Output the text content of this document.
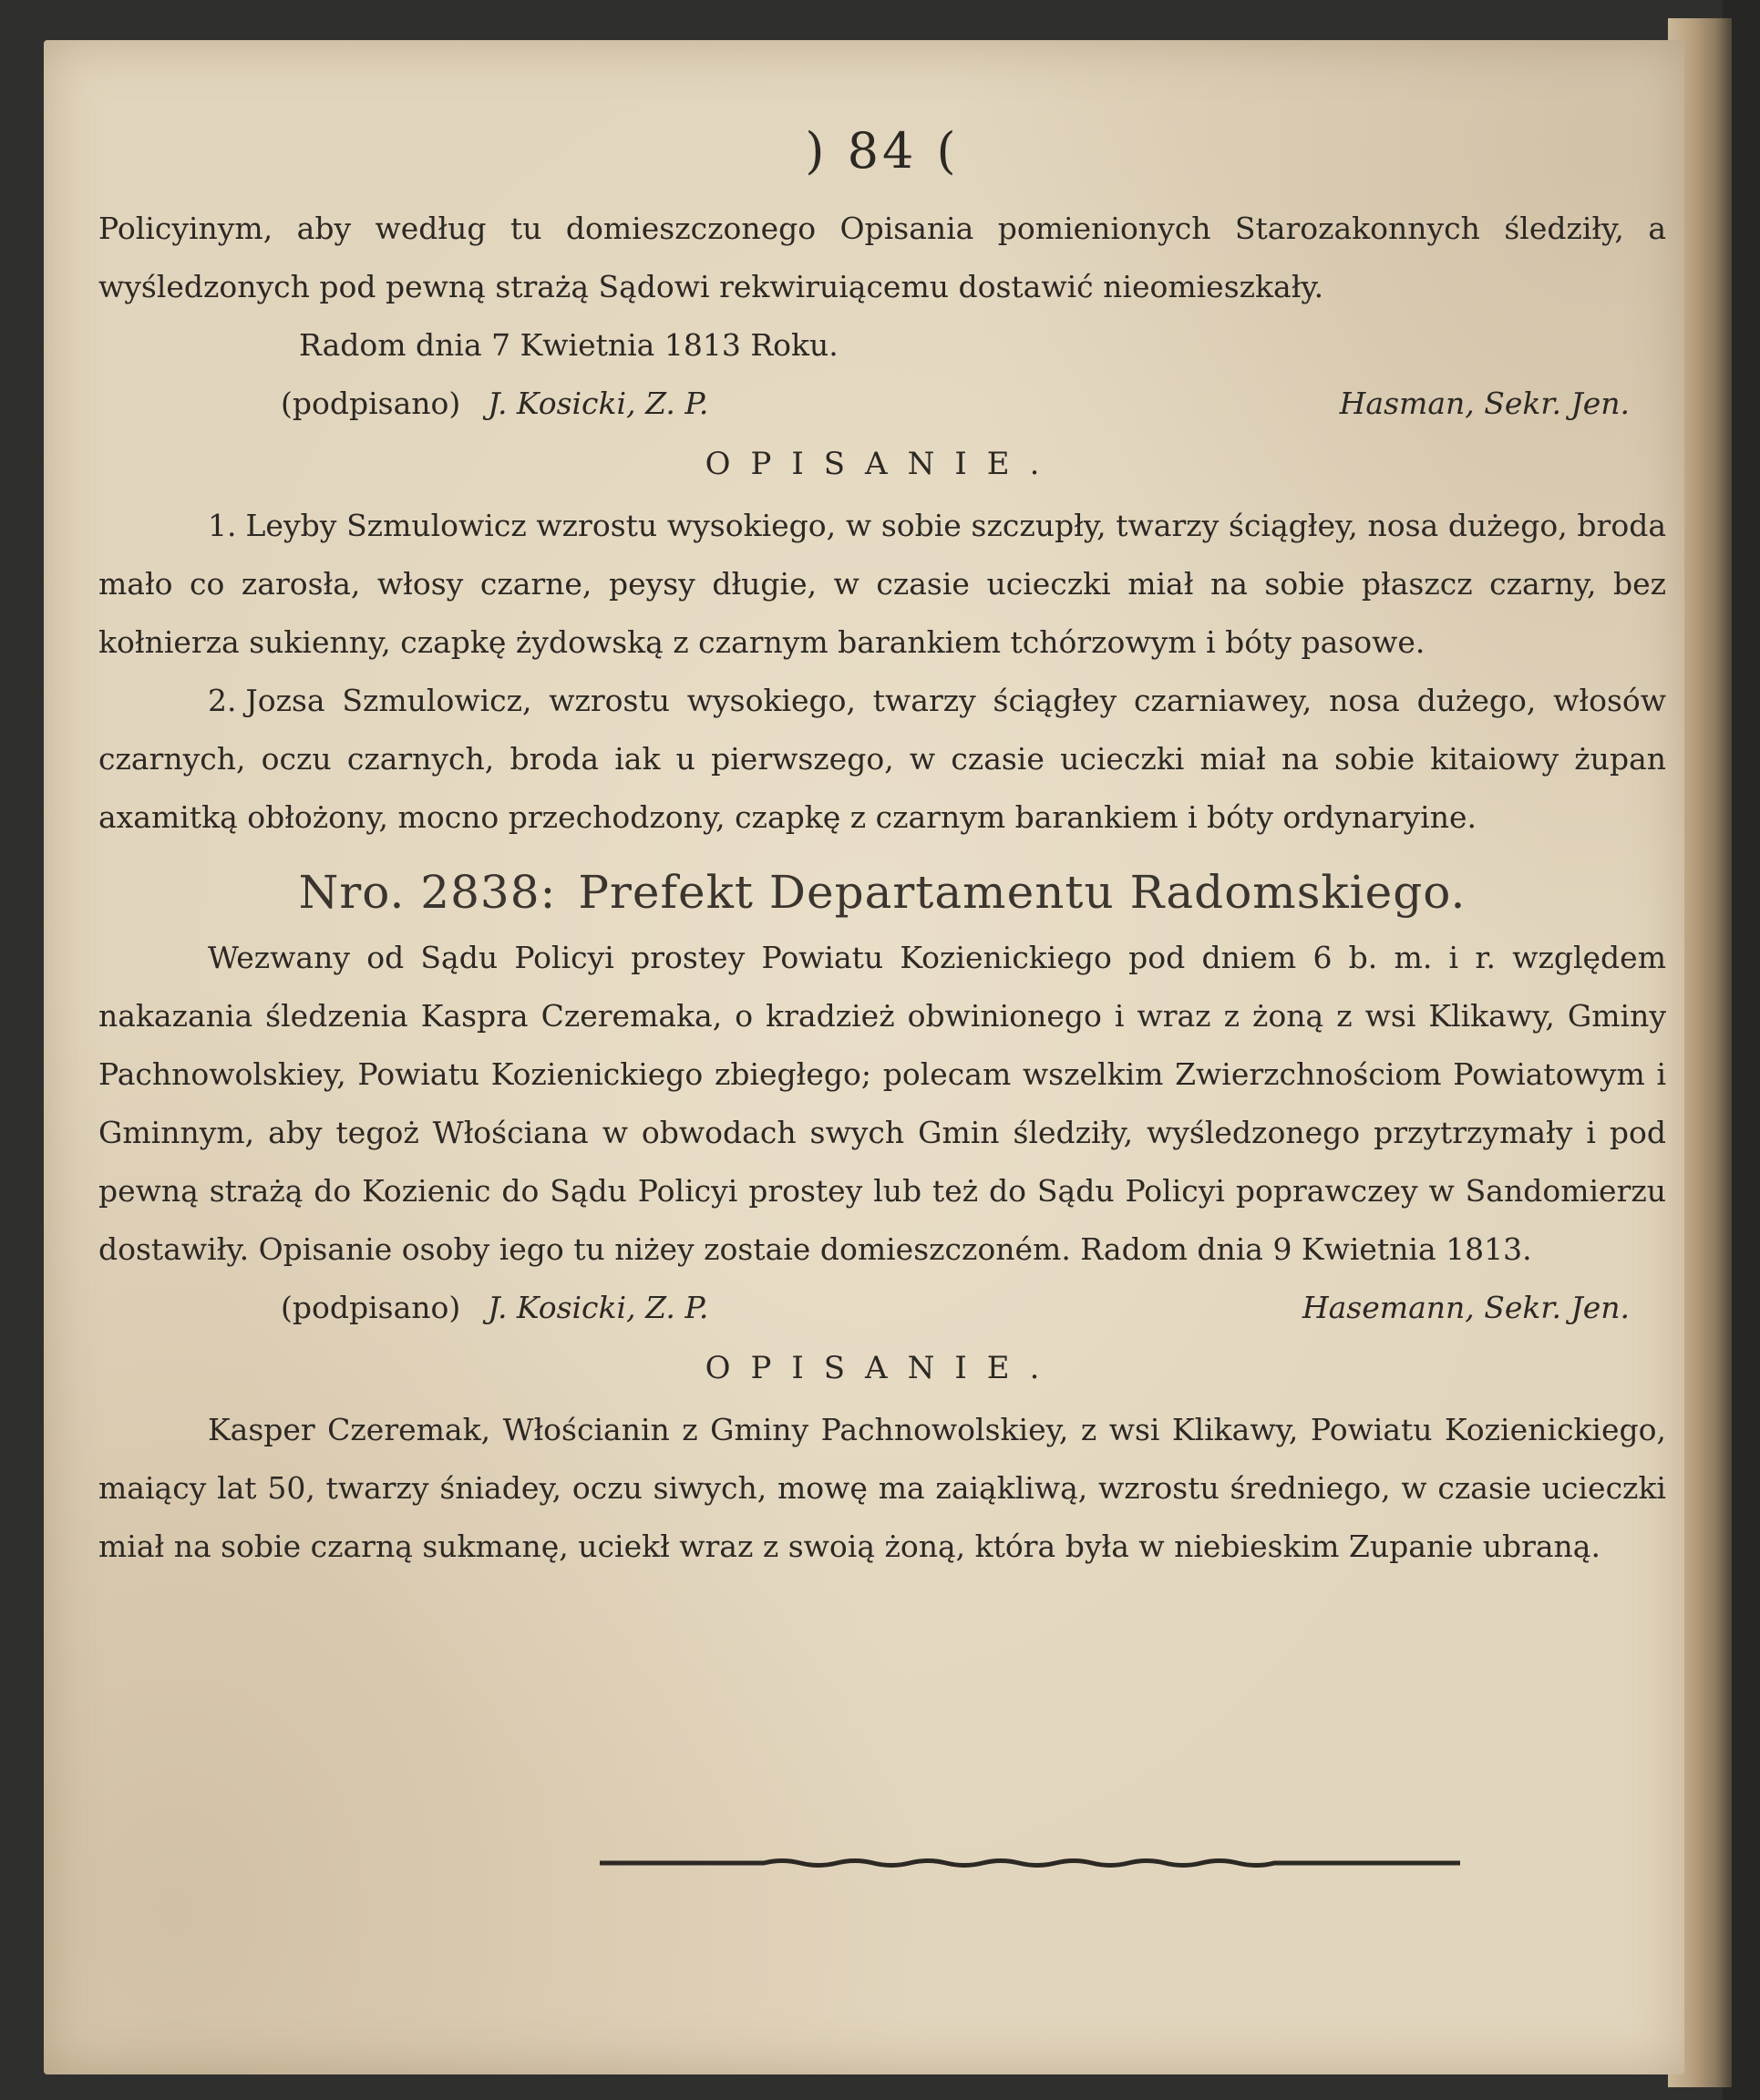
) 84 (

Policyinym, aby według tu domieszczonego Opisania pomienionych Starozakonnych śledziły, a wyśledzonych pod pewną strażą Sądowi rekwiruiącemu dostawić nieomieszkały.

Radom dnia 7 Kwietnia 1813 Roku.

(podpisano) J. Kosicki, Z. P.	Hasman, Sekr. Jen.
OPISANIE.

1. Leyby Szmulowicz wzrostu wysokiego, w sobie szczupły, twarzy ściągłey, nosa dużego, broda mało co zarosła, włosy czarne, peysy długie, w czasie ucieczki miał na sobie płaszcz czarny, bez kołnierza sukienny, czapkę żydowską z czarnym barankiem tchórzowym i bóty pasowe.

2. Jozsa Szmulowicz, wzrostu wysokiego, twarzy ściągłey czarniawey, nosa dużego, włosów czarnych, oczu czarnych, broda iak u pierwszego, w czasie ucieczki miał na sobie kitaiowy żupan axamitką obłożony, mocno przechodzony, czapkę z czarnym barankiem i bóty ordynaryine.

Nro. 2838: Prefekt Departamentu Radomskiego.

Wezwany od Sądu Policyi prostey Powiatu Kozienickiego pod dniem 6 b. m. i r. względem nakazania śledzenia Kaspra Czeremaka, o kradzież obwinionego i wraz z żoną z wsi Klikawy, Gminy Pachnowolskiey, Powiatu Kozienickiego zbiegłego; polecam wszelkim Zwierzchnościom Powiatowym i Gminnym, aby tegoż Włościana w obwodach swych Gmin śledziły, wyśledzonego przytrzymały i pod pewną strażą do Kozienic do Sądu Policyi prostey lub też do Sądu Policyi poprawczey w Sandomierzu dostawiły. Opisanie osoby iego tu niżey zostaie domieszczoném. Radom dnia 9 Kwietnia 1813.

(podpisano) J. Kosicki, Z. P.	Hasemann, Sekr. Jen.
OPISANIE.

Kasper Czeremak, Włościanin z Gminy Pachnowolskiey, z wsi Klikawy, Powiatu Kozienickiego, maiący lat 50, twarzy śniadey, oczu siwych, mowę ma zaiąkliwą, wzrostu średniego, w czasie ucieczki miał na sobie czarną sukmanę, uciekł wraz z swoią żoną, która była w niebieskim Zupanie ubraną.
